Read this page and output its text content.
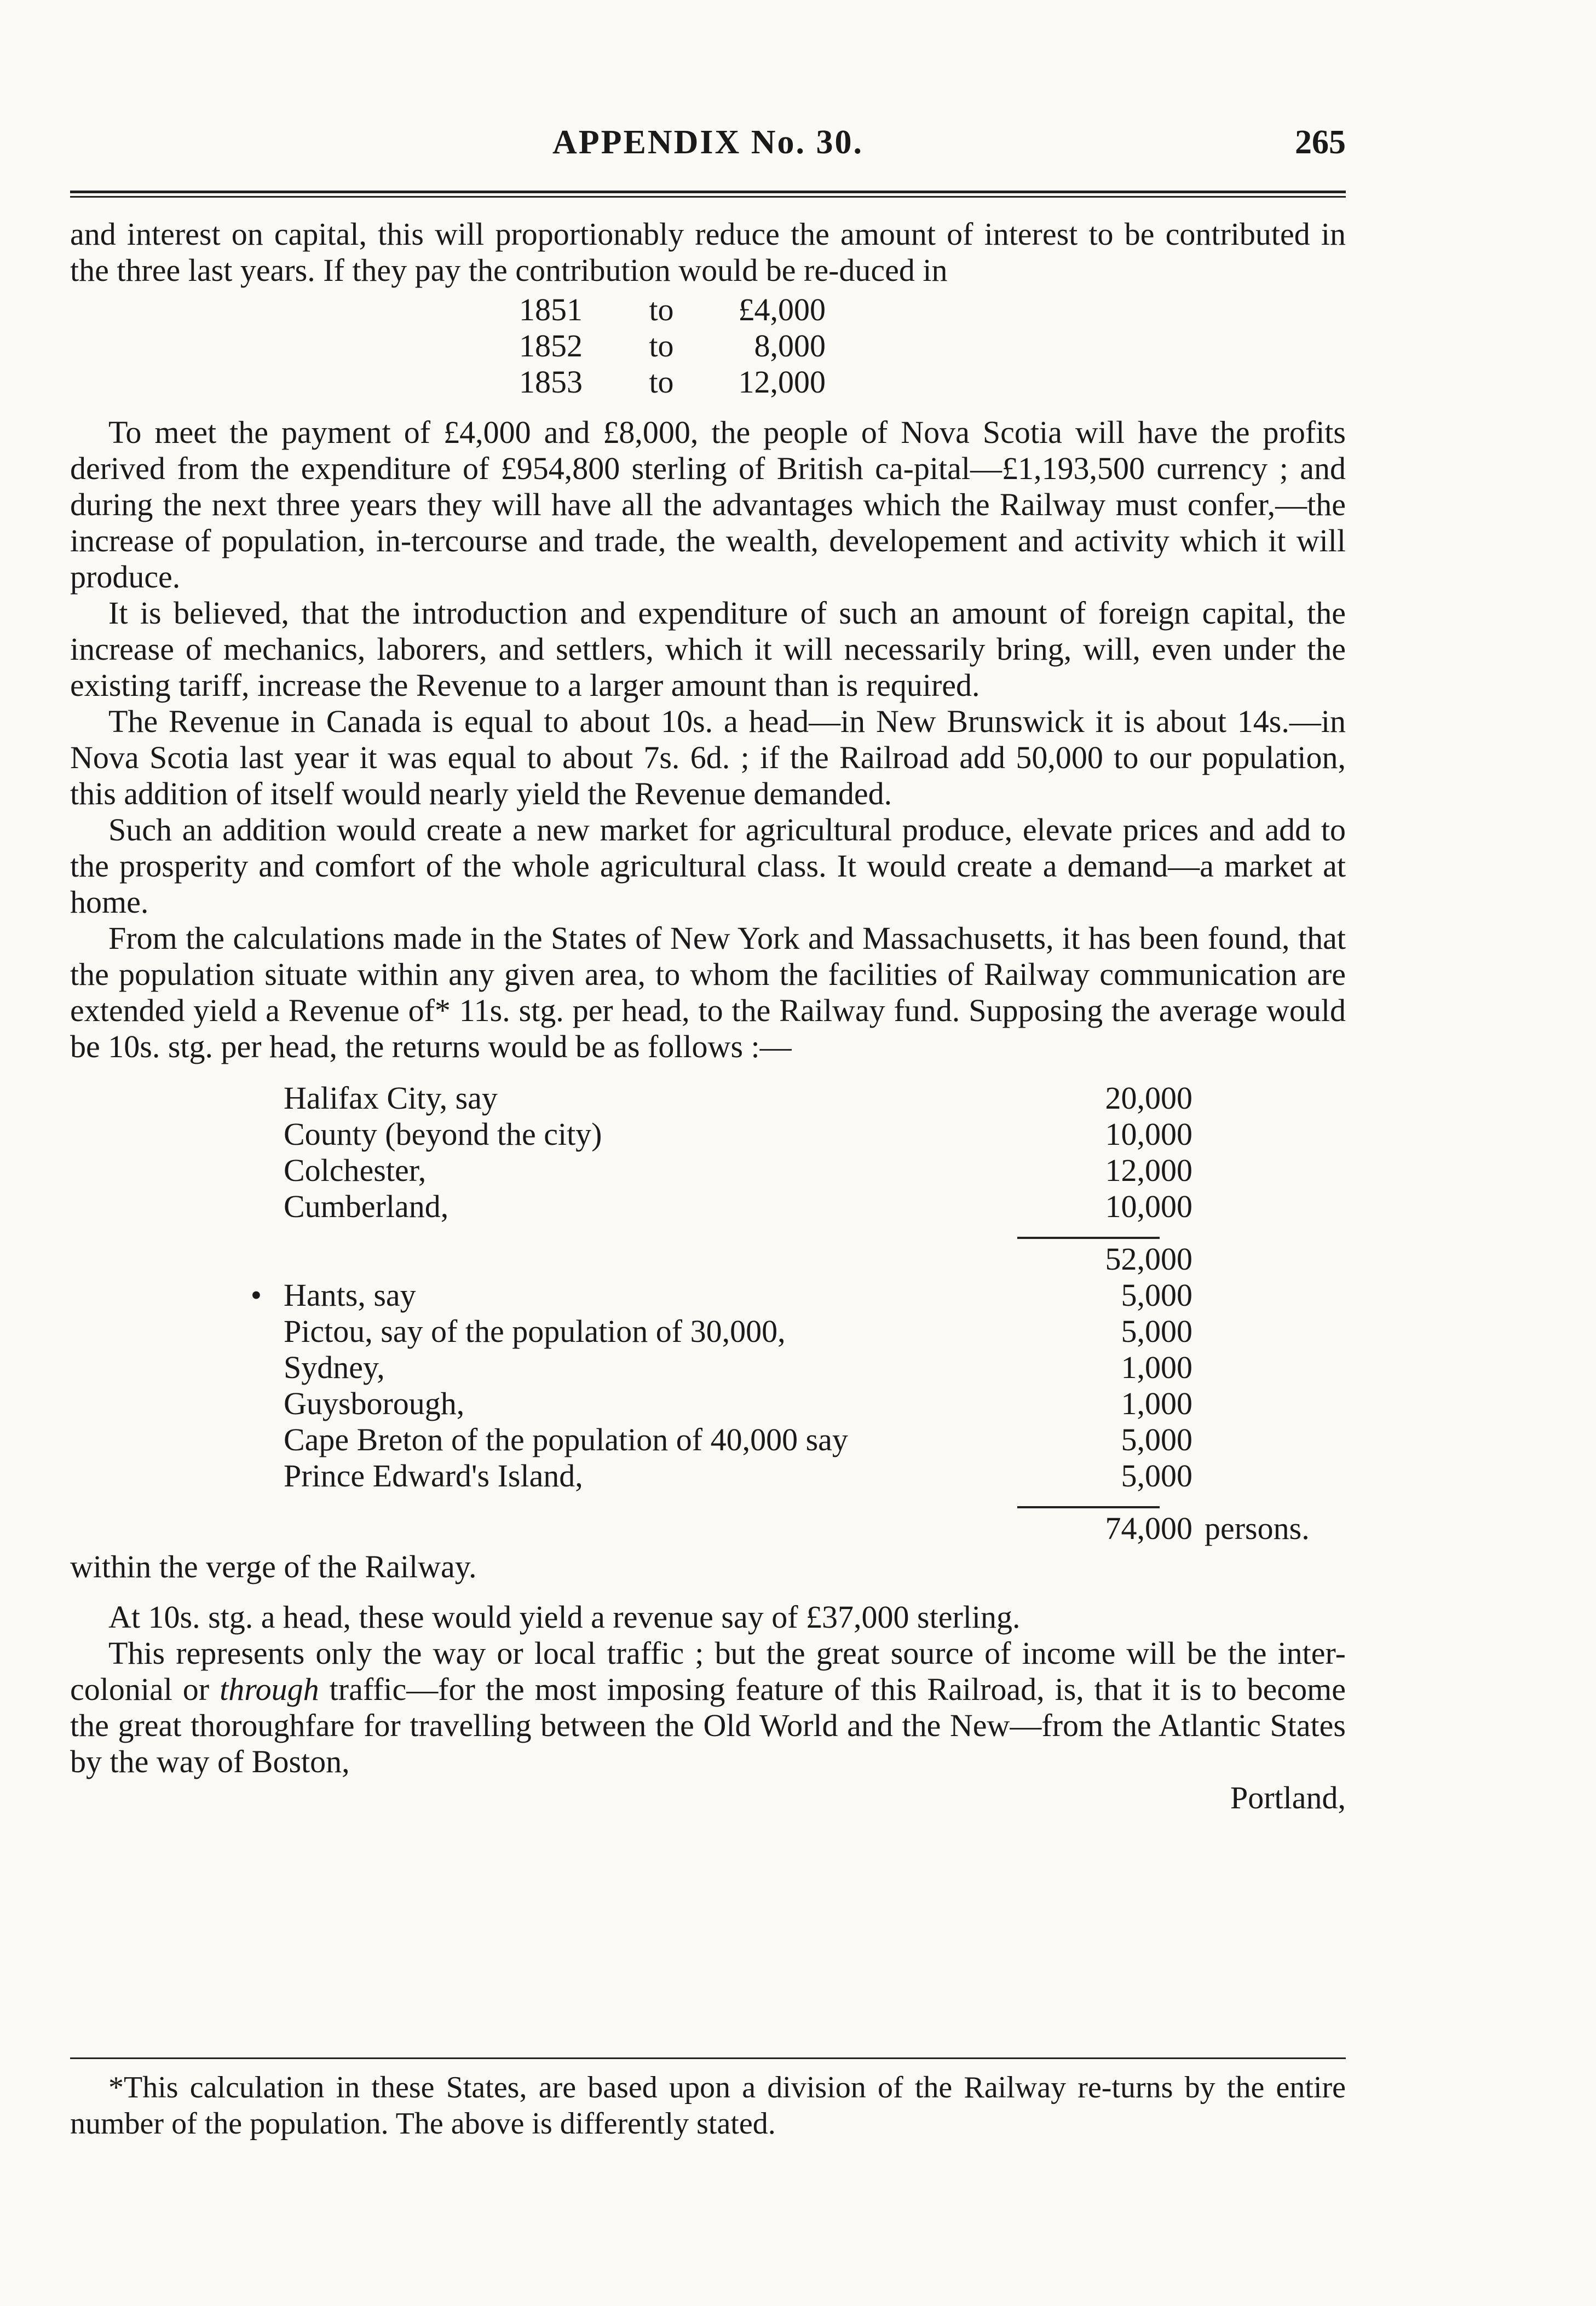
APPENDIX No. 30.	265

and interest on capital, this will proportionably reduce the amount of interest to be contributed in the three last years. If they pay the contribution would be re-duced in

1851	to	£4,000
1852	to	8,000
1853	to	12,000

To meet the payment of £4,000 and £8,000, the people of Nova Scotia will have the profits derived from the expenditure of £954,800 sterling of British ca-pital—£1,193,500 currency ; and during the next three years they will have all the advantages which the Railway must confer,—the increase of population, in-tercourse and trade, the wealth, developement and activity which it will produce.

It is believed, that the introduction and expenditure of such an amount of foreign capital, the increase of mechanics, laborers, and settlers, which it will necessarily bring, will, even under the existing tariff, increase the Revenue to a larger amount than is required.

The Revenue in Canada is equal to about 10s. a head—in New Brunswick it is about 14s.—in Nova Scotia last year it was equal to about 7s. 6d. ; if the Railroad add 50,000 to our population, this addition of itself would nearly yield the Revenue demanded.

Such an addition would create a new market for agricultural produce, elevate prices and add to the prosperity and comfort of the whole agricultural class. It would create a demand—a market at home.

From the calculations made in the States of New York and Massachusetts, it has been found, that the population situate within any given area, to whom the facilities of Railway communication are extended yield a Revenue of* 11s. stg. per head, to the Railway fund. Supposing the average would be 10s. stg. per head, the returns would be as follows :—

Halifax City, say	20,000
County (beyond the city)	10,000
Colchester,	12,000
Cumberland,	10,000
52,000
• Hants, say	5,000
Pictou, say of the population of 30,000,	5,000
Sydney,	1,000
Guysborough,	1,000
Cape Breton of the population of 40,000 say	5,000
Prince Edward's Island,	5,000
74,000 persons.

within the verge of the Railway.

At 10s. stg. a head, these would yield a revenue say of £37,000 sterling.

This represents only the way or local traffic ; but the great source of income will be the inter-colonial or through traffic—for the most imposing feature of this Railroad, is, that it is to become the great thoroughfare for travelling between the Old World and the New—from the Atlantic States by the way of Boston,

Portland,

*This calculation in these States, are based upon a division of the Railway re-turns by the entire number of the population. The above is differently stated.
